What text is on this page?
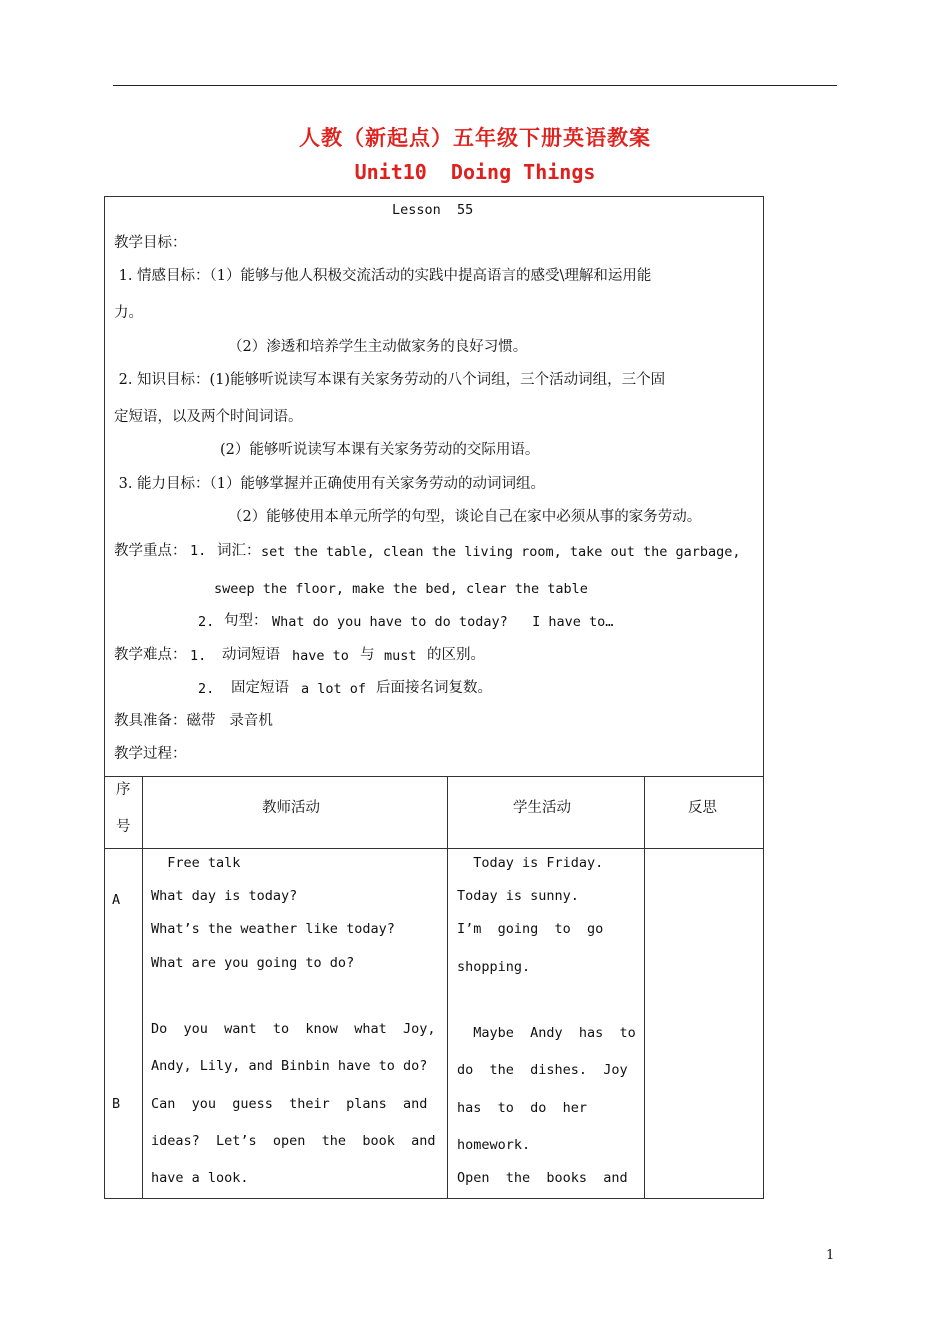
人教（新起点）五年级下册英语教案
Unit10  Doing Things
Lesson  55
教学目标：
1. 情感目标：（1）能够与他人积极交流活动的实践中提高语言的感受\理解和运用能
力。
（2）渗透和培养学生主动做家务的良好习惯。
2. 知识目标：(1)能够听说读写本课有关家务劳动的八个词组，三个活动词组，三个固
定短语，以及两个时间词语。
(2）能够听说读写本课有关家务劳动的交际用语。
3. 能力目标：（1）能够掌握并正确使用有关家务劳动的动词词组。
（2）能够使用本单元所学的句型，谈论自己在家中必须从事的家务劳动。
教学重点： 1. 词汇： set the table, clean the living room, take out the garbage,
sweep the floor, make the bed, clear the table
2. 句型： What do you have to do today?   I have to…
教学难点： 1. 动词短语 have to 与 must 的区别。
2. 固定短语 a lot of 后面接名词复数。
教具准备：磁带   录音机
教学过程：
序
号
教师活动	学生活动	反思
A
Free talk
What day is today?
What’s the weather like today?
What are you going to do?
Today is Friday.
Today is sunny.
I’m  going  to  go
shopping.
B
Do  you  want  to  know  what  Joy,
Andy, Lily, and Binbin have to do?
Can  you  guess  their  plans  and
ideas?  Let’s  open  the  book  and
have a look.
Maybe  Andy  has  to
do  the  dishes.  Joy
has  to  do  her
homework.
Open  the  books  and
1
